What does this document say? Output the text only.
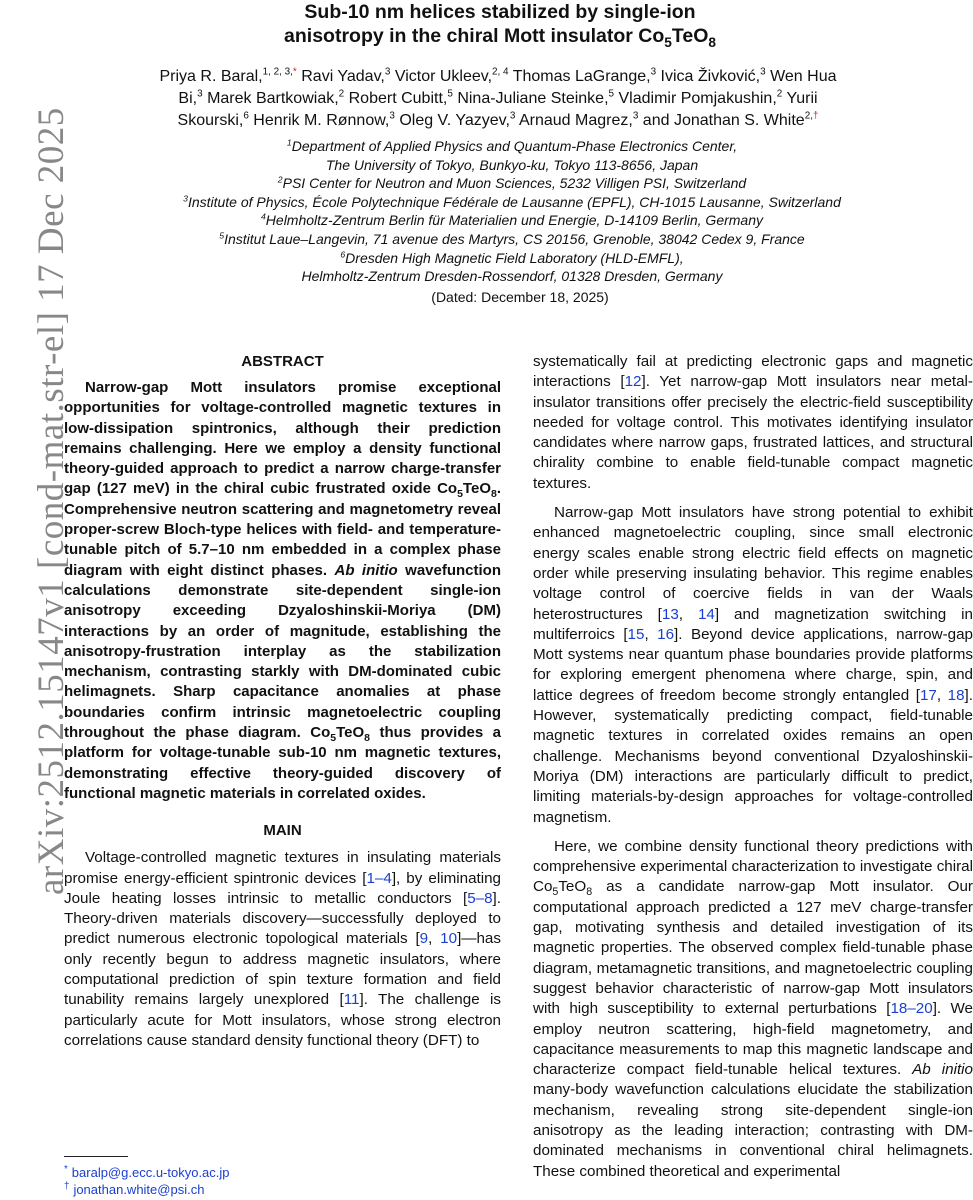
arXiv:2512.15147v1 [cond-mat.str-el] 17 Dec 2025
Sub-10 nm helices stabilized by single-ion
anisotropy in the chiral Mott insulator $Co_5TeO_8$
Priya R. Baral,$^{1, 2, 3,*}$ Ravi Yadav,$^3$ Victor Ukleev,$^{2, 4}$ Thomas LaGrange,$^3$ Ivica Živković,$^3$ Wen Hua Bi,$^3$ Marek Bartkowiak,$^2$ Robert Cubitt,$^5$ Nina-Juliane Steinke,$^5$ Vladimir Pomjakushin,$^2$ Yurii Skourski,$^6$ Henrik M. Rønnow,$^3$ Oleg V. Yazyev,$^3$ Arnaud Magrez,$^3$ and Jonathan S. White$^{2,\dagger}$
$^1$Department of Applied Physics and Quantum-Phase Electronics Center,
The University of Tokyo, Bunkyo-ku, Tokyo 113-8656, Japan
$^2$PSI Center for Neutron and Muon Sciences, 5232 Villigen PSI, Switzerland
$^3$Institute of Physics, École Polytechnique Fédérale de Lausanne (EPFL), CH-1015 Lausanne, Switzerland
$^4$Helmholtz-Zentrum Berlin für Materialien und Energie, D-14109 Berlin, Germany
$^5$Institut Laue–Langevin, 71 avenue des Martyrs, CS 20156, Grenoble, 38042 Cedex 9, France
$^6$Dresden High Magnetic Field Laboratory (HLD-EMFL),
Helmholtz-Zentrum Dresden-Rossendorf, 01328 Dresden, Germany
(Dated: December 18, 2025)
ABSTRACT

Narrow-gap Mott insulators promise exceptional opportunities for voltage-controlled magnetic textures in low-dissipation spintronics, although their prediction remains challenging. Here we employ a density functional theory-guided approach to predict a narrow charge-transfer gap (127 meV) in the chiral cubic frustrated oxide $Co_5TeO_8$. Comprehensive neutron scattering and magnetometry reveal proper-screw Bloch-type helices with field- and temperature-tunable pitch of 5.7–10 nm embedded in a complex phase diagram with eight distinct phases. Ab initio wavefunction calculations demonstrate site-dependent single-ion anisotropy exceeding Dzyaloshinskii-Moriya (DM) interactions by an order of magnitude, establishing the anisotropy-frustration interplay as the stabilization mechanism, contrasting starkly with DM-dominated cubic helimagnets. Sharp capacitance anomalies at phase boundaries confirm intrinsic magnetoelectric coupling throughout the phase diagram. $Co_5TeO_8$ thus provides a platform for voltage-tunable sub-10 nm magnetic textures, demonstrating effective theory-guided discovery of functional magnetic materials in correlated oxides.

MAIN

Voltage-controlled magnetic textures in insulating materials promise energy-efficient spintronic devices [1–4], by eliminating Joule heating losses intrinsic to metallic conductors [5–8]. Theory-driven materials discovery—successfully deployed to predict numerous electronic topological materials [9, 10]—has only recently begun to address magnetic insulators, where computational prediction of spin texture formation and field tunability remains largely unexplored [11]. The challenge is particularly acute for Mott insulators, whose strong electron correlations cause standard density functional theory (DFT) to

systematically fail at predicting electronic gaps and magnetic interactions [12]. Yet narrow-gap Mott insulators near metal-insulator transitions offer precisely the electric-field susceptibility needed for voltage control. This motivates identifying insulator candidates where narrow gaps, frustrated lattices, and structural chirality combine to enable field-tunable compact magnetic textures.

Narrow-gap Mott insulators have strong potential to exhibit enhanced magnetoelectric coupling, since small electronic energy scales enable strong electric field effects on magnetic order while preserving insulating behavior. This regime enables voltage control of coercive fields in van der Waals heterostructures [13, 14] and magnetization switching in multiferroics [15, 16]. Beyond device applications, narrow-gap Mott systems near quantum phase boundaries provide platforms for exploring emergent phenomena where charge, spin, and lattice degrees of freedom become strongly entangled [17, 18]. However, systematically predicting compact, field-tunable magnetic textures in correlated oxides remains an open challenge. Mechanisms beyond conventional Dzyaloshinskii-Moriya (DM) interactions are particularly difficult to predict, limiting materials-by-design approaches for voltage-controlled magnetism.

Here, we combine density functional theory predictions with comprehensive experimental characterization to investigate chiral $Co_5TeO_8$ as a candidate narrow-gap Mott insulator. Our computational approach predicted a 127 meV charge-transfer gap, motivating synthesis and detailed investigation of its magnetic properties. The observed complex field-tunable phase diagram, metamagnetic transitions, and magnetoelectric coupling suggest behavior characteristic of narrow-gap Mott insulators with high susceptibility to external perturbations [18–20]. We employ neutron scattering, high-field magnetometry, and capacitance measurements to map this magnetic landscape and characterize compact field-tunable helical textures. Ab initio many-body wavefunction calculations elucidate the stabilization mechanism, revealing strong site-dependent single-ion anisotropy as the leading interaction; contrasting with DM-dominated mechanisms in conventional chiral helimagnets. These combined theoretical and experimental

* baralp@g.ecc.u-tokyo.ac.jp
† jonathan.white@psi.ch
